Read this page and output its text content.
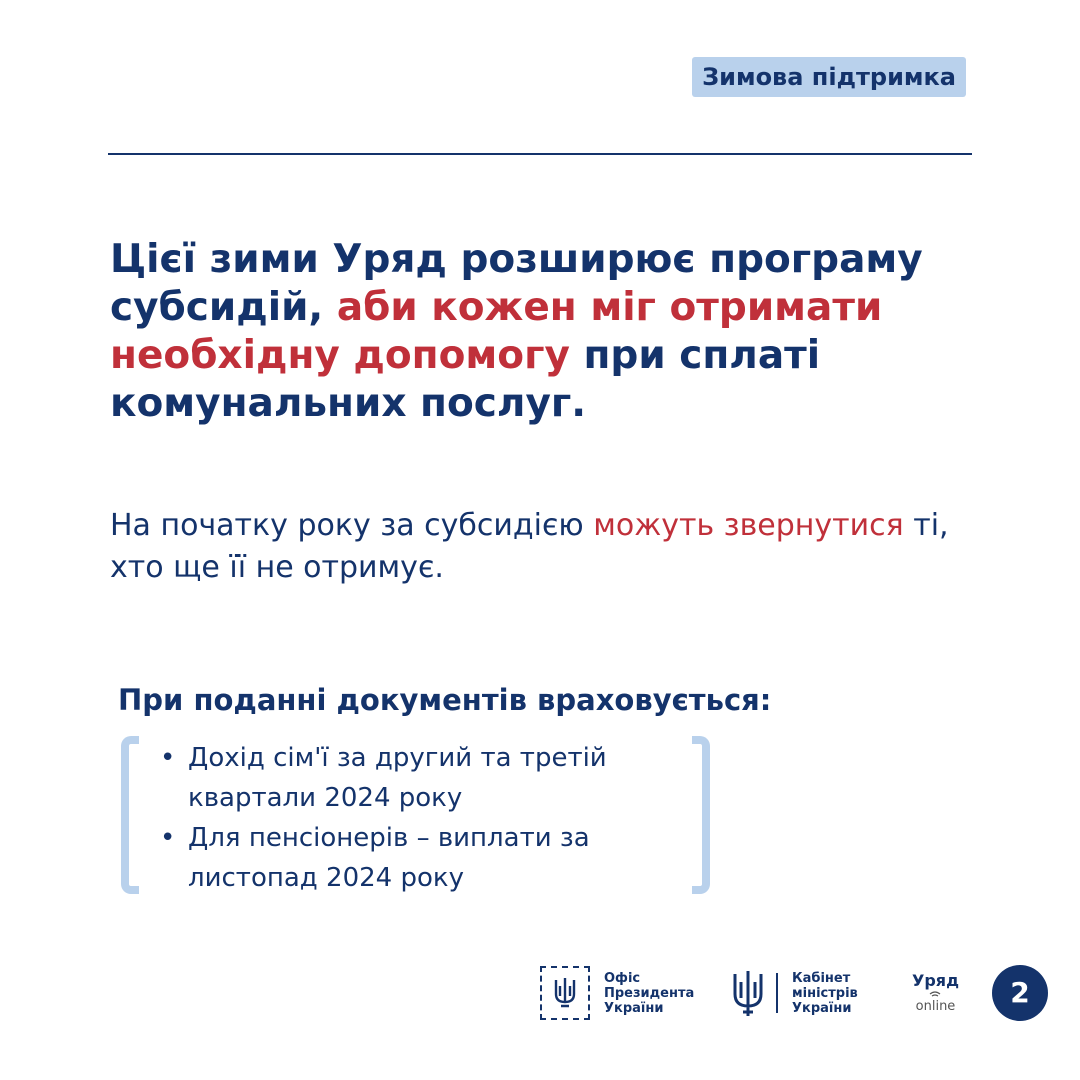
Зимова підтримка
Цієї зими Уряд розширює програму субсидій, аби кожен міг отримати необхідну допомогу при сплаті комунальних послуг.
На початку року за субсидією можуть звернутися ті, хто ще її не отримує.
При поданні документів враховується:
• Дохід сім'ї за другий та третій квартали 2024 року
• Для пенсіонерів – виплати за листопад 2024 року
Офіс
Президента
України
Кабінет
міністрів
України
Уряд
online	2
